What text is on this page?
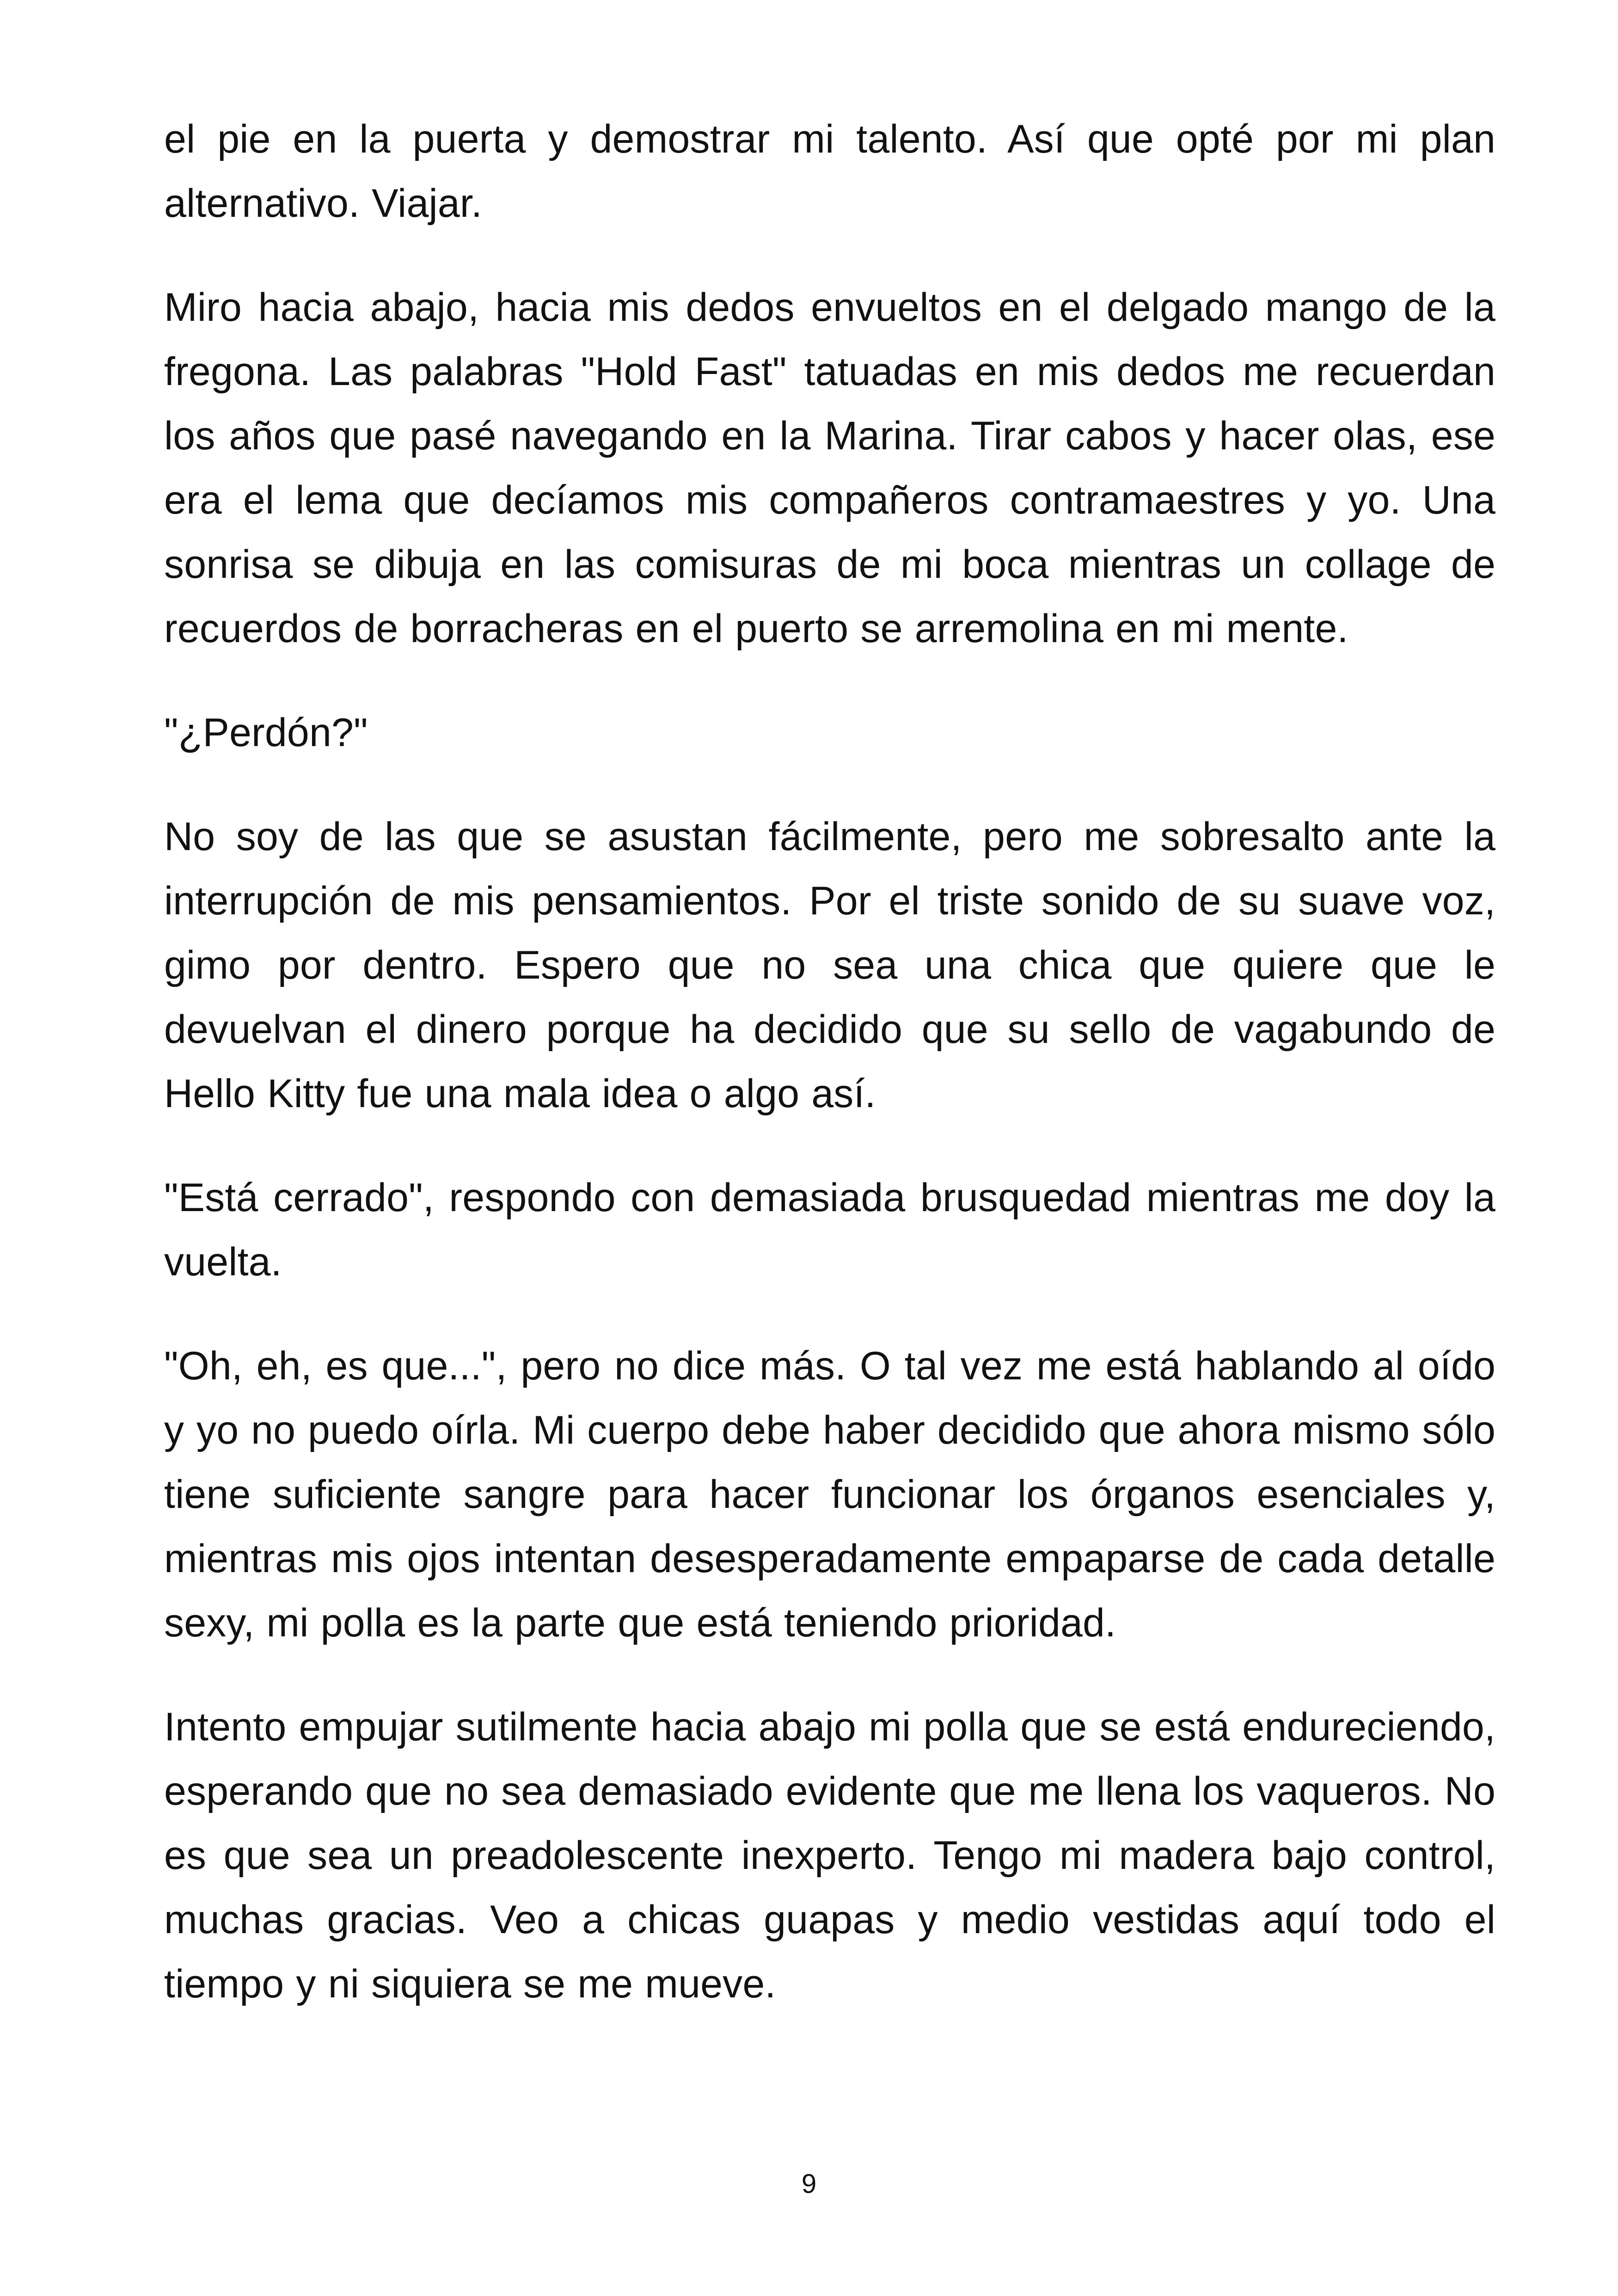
el pie en la puerta y demostrar mi talento. Así que opté por mi plan alternativo. Viajar.

Miro hacia abajo, hacia mis dedos envueltos en el delgado mango de la fregona. Las palabras "Hold Fast" tatuadas en mis dedos me recuerdan los años que pasé navegando en la Marina. Tirar cabos y hacer olas, ese era el lema que decíamos mis compañeros contramaestres y yo. Una sonrisa se dibuja en las comisuras de mi boca mientras un collage de recuerdos de borracheras en el puerto se arremolina en mi mente.

"¿Perdón?"

No soy de las que se asustan fácilmente, pero me sobresalto ante la interrupción de mis pensamientos. Por el triste sonido de su suave voz, gimo por dentro. Espero que no sea una chica que quiere que le devuelvan el dinero porque ha decidido que su sello de vagabundo de Hello Kitty fue una mala idea o algo así.

"Está cerrado", respondo con demasiada brusquedad mientras me doy la vuelta.

"Oh, eh, es que...", pero no dice más. O tal vez me está hablando al oído y yo no puedo oírla. Mi cuerpo debe haber decidido que ahora mismo sólo tiene suficiente sangre para hacer funcionar los órganos esenciales y, mientras mis ojos intentan desesperadamente empaparse de cada detalle sexy, mi polla es la parte que está teniendo prioridad.

Intento empujar sutilmente hacia abajo mi polla que se está endureciendo, esperando que no sea demasiado evidente que me llena los vaqueros. No es que sea un preadolescente inexperto. Tengo mi madera bajo control, muchas gracias. Veo a chicas guapas y medio vestidas aquí todo el tiempo y ni siquiera se me mueve.

9
